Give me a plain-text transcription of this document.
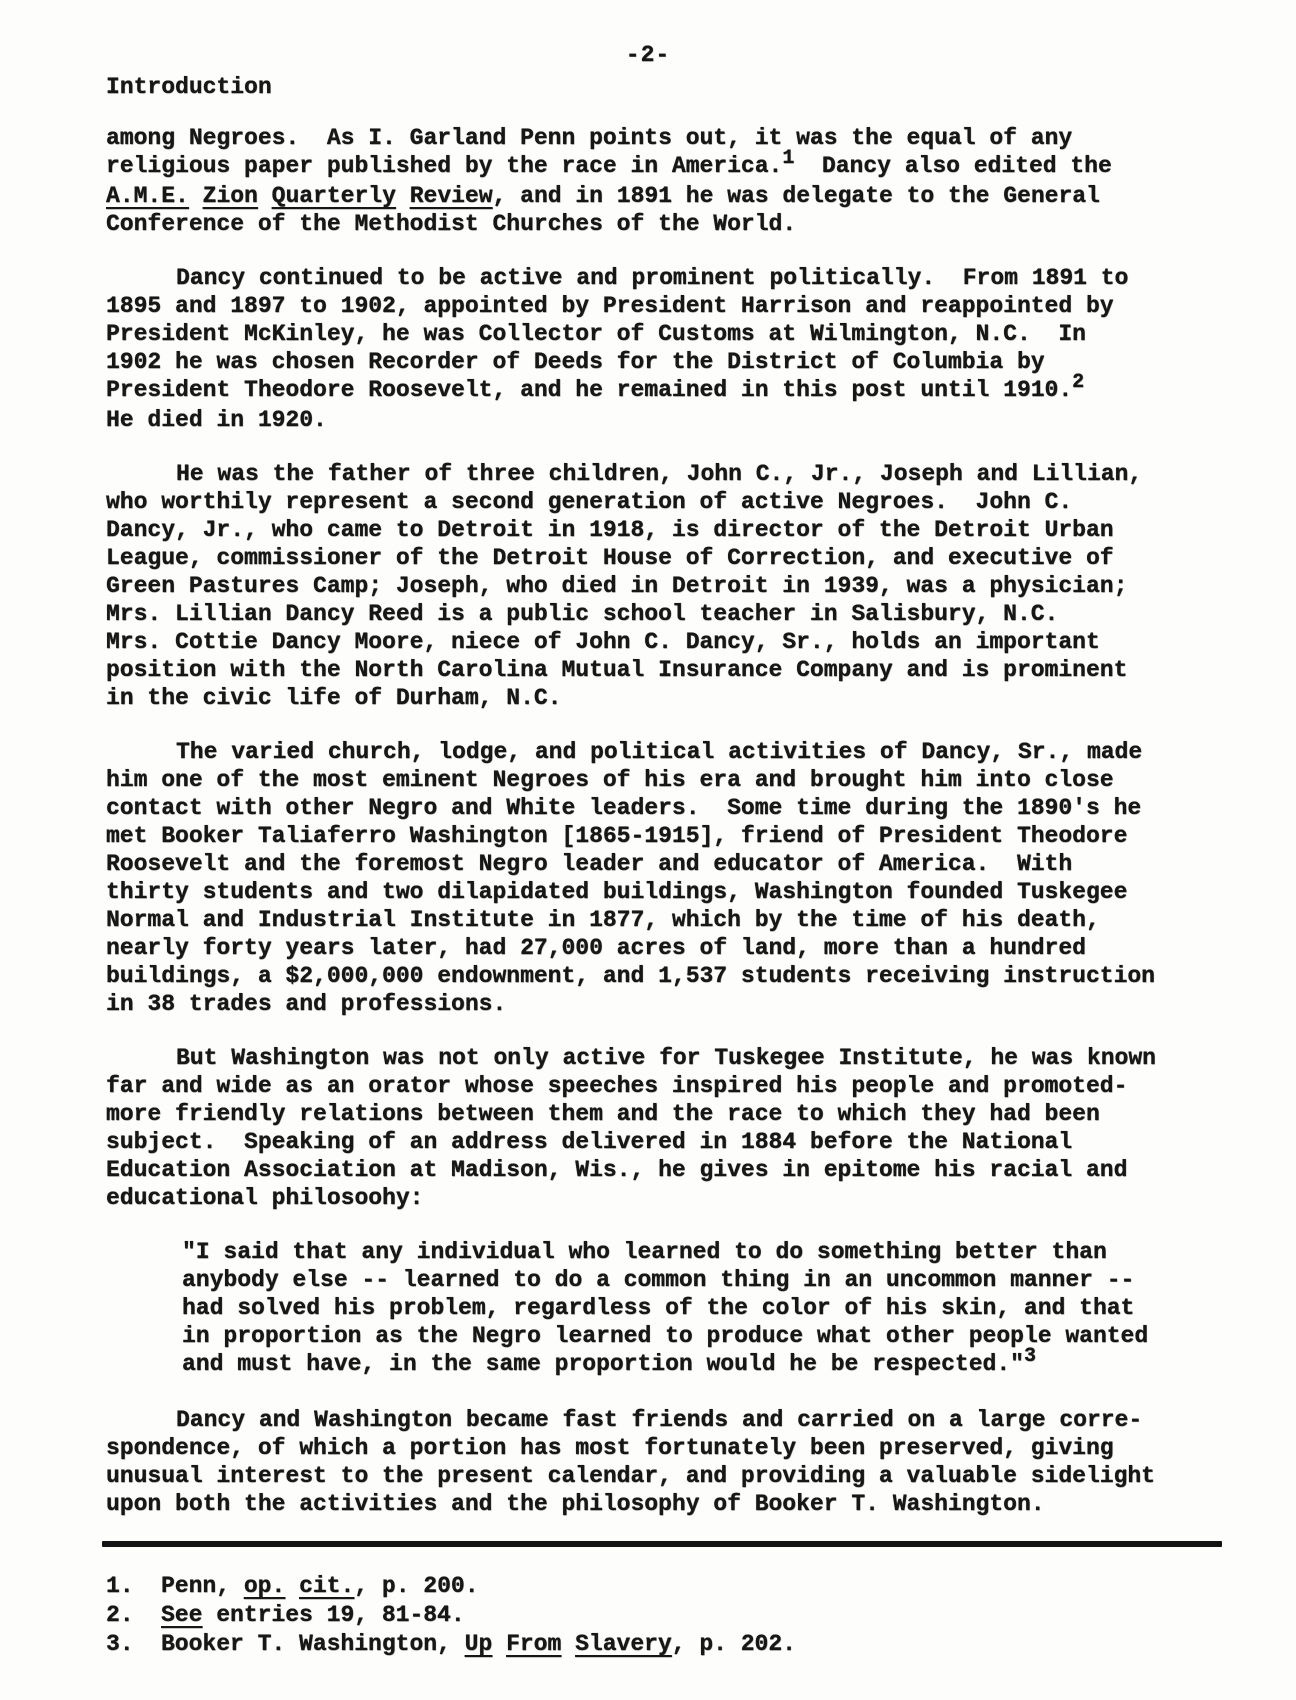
-2-
Introduction
among Negroes.  As I. Garland Penn points out, it was the equal of any
religious paper published by the race in America.1  Dancy also edited the
A.M.E. Zion Quarterly Review, and in 1891 he was delegate to the General
Conference of the Methodist Churches of the World.
Dancy continued to be active and prominent politically.  From 1891 to
1895 and 1897 to 1902, appointed by President Harrison and reappointed by
President McKinley, he was Collector of Customs at Wilmington, N.C.  In
1902 he was chosen Recorder of Deeds for the District of Columbia by
President Theodore Roosevelt, and he remained in this post until 1910.2
He died in 1920.
He was the father of three children, John C., Jr., Joseph and Lillian,
who worthily represent a second generation of active Negroes.  John C.
Dancy, Jr., who came to Detroit in 1918, is director of the Detroit Urban
League, commissioner of the Detroit House of Correction, and executive of
Green Pastures Camp; Joseph, who died in Detroit in 1939, was a physician;
Mrs. Lillian Dancy Reed is a public school teacher in Salisbury, N.C.
Mrs. Cottie Dancy Moore, niece of John C. Dancy, Sr., holds an important
position with the North Carolina Mutual Insurance Company and is prominent
in the civic life of Durham, N.C.
The varied church, lodge, and political activities of Dancy, Sr., made
him one of the most eminent Negroes of his era and brought him into close
contact with other Negro and White leaders.  Some time during the 1890's he
met Booker Taliaferro Washington [1865-1915], friend of President Theodore
Roosevelt and the foremost Negro leader and educator of America.  With
thirty students and two dilapidated buildings, Washington founded Tuskegee
Normal and Industrial Institute in 1877, which by the time of his death,
nearly forty years later, had 27,000 acres of land, more than a hundred
buildings, a $2,000,000 endownment, and 1,537 students receiving instruction
in 38 trades and professions.
But Washington was not only active for Tuskegee Institute, he was known
far and wide as an orator whose speeches inspired his people and promoted-
more friendly relations between them and the race to which they had been
subject.  Speaking of an address delivered in 1884 before the National
Education Association at Madison, Wis., he gives in epitome his racial and
educational philosoohy:
"I said that any individual who learned to do something better than
anybody else -- learned to do a common thing in an uncommon manner --
had solved his problem, regardless of the color of his skin, and that
in proportion as the Negro learned to produce what other people wanted
and must have, in the same proportion would he be respected."3
Dancy and Washington became fast friends and carried on a large corre-
spondence, of which a portion has most fortunately been preserved, giving
unusual interest to the present calendar, and providing a valuable sidelight
upon both the activities and the philosophy of Booker T. Washington.
1.	Penn, op. cit., p. 200.
2.	See entries 19, 81-84.
3.	Booker T. Washington, Up From Slavery, p. 202.
